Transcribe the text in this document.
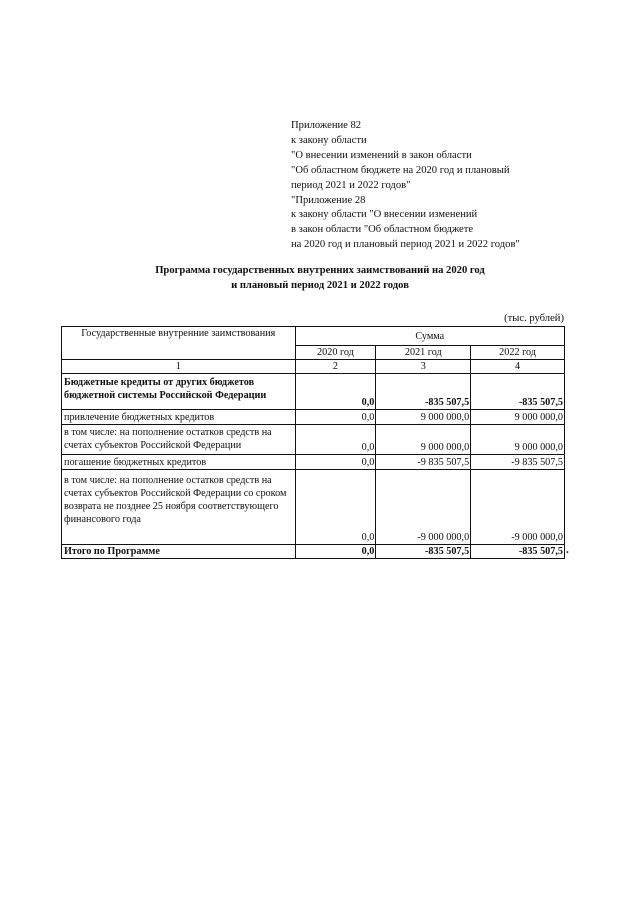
Приложение 82
к закону области
"О внесении изменений в закон области
"Об областном бюджете на 2020 год и плановый
период 2021 и 2022 годов"
"Приложение 28
к закону области "О внесении изменений
в закон области "Об областном бюджете
на 2020 год и плановый период 2021 и 2022 годов"
Программа государственных внутренних заимствований на 2020 год
и плановый период 2021 и 2022 годов
(тыс. рублей)
Государственные внутренние заимствования	Сумма		
	2020 год	2021 год	2022 год
1	2	3	4
Бюджетные кредиты от других бюджетов бюджетной системы Российской Федерации	0,0	-835 507,5	-835 507,5
привлечение бюджетных кредитов	0,0	9 000 000,0	9 000 000,0
в том числе: на пополнение остатков средств на счетах субъектов Российской Федерации	0,0	9 000 000,0	9 000 000,0
погашение бюджетных кредитов	0,0	-9 835 507,5	-9 835 507,5
в том числе: на пополнение остатков средств на счетах субъектов Российской Федерации со сроком возврата не позднее 25 ноября соответствующего финансового года	0,0	-9 000 000,0	-9 000 000,0
Итого по Программе	0,0	-835 507,5	-835 507,5 •
